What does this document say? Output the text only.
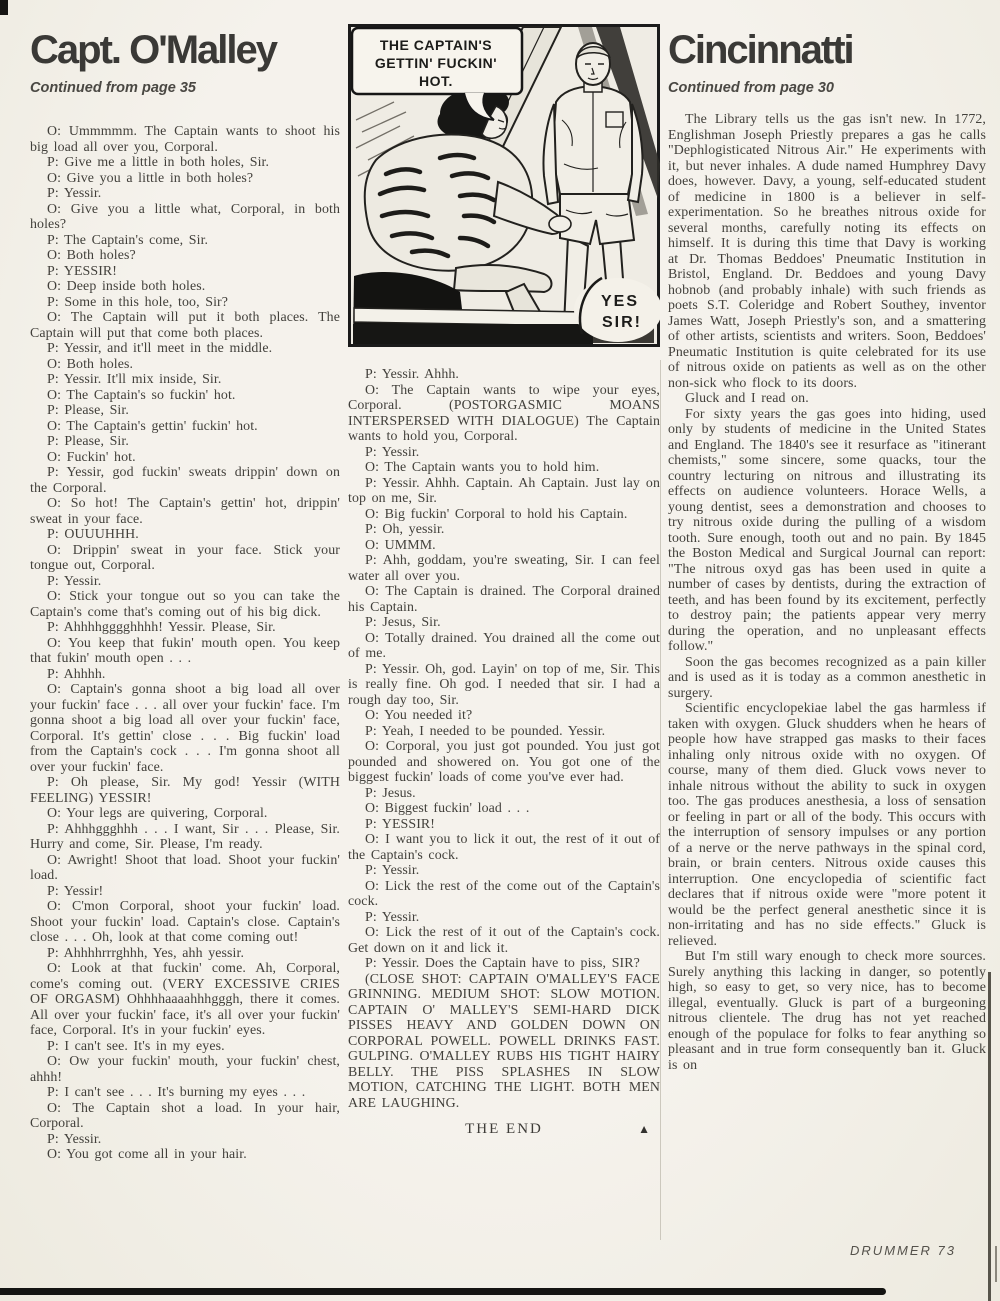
Capt. O'Malley
Continued from page 35

O: Ummmmm. The Captain wants to shoot his big load all over you, Corporal.

P: Give me a little in both holes, Sir.

O: Give you a little in both holes?

P: Yessir.

O: Give you a little what, Corporal, in both holes?

P: The Captain's come, Sir.

O: Both holes?

P: YESSIR!

O: Deep inside both holes.

P: Some in this hole, too, Sir?

O: The Captain will put it both places. The Captain will put that come both places.

P: Yessir, and it'll meet in the middle.

O: Both holes.

P: Yessir. It'll mix inside, Sir.

O: The Captain's so fuckin' hot.

P: Please, Sir.

O: The Captain's gettin' fuckin' hot.

P: Please, Sir.

O: Fuckin' hot.

P: Yessir, god fuckin' sweats drippin' down on the Corporal.

O: So hot! The Captain's gettin' hot, drippin' sweat in your face.

P: OUUUHHH.

O: Drippin' sweat in your face. Stick your tongue out, Corporal.

P: Yessir.

O: Stick your tongue out so you can take the Captain's come that's coming out of his big dick.

P: Ahhhhgggghhhh! Yessir. Please, Sir.

O: You keep that fukin' mouth open. You keep that fukin' mouth open . . .

P: Ahhhh.

O: Captain's gonna shoot a big load all over your fuckin' face . . . all over your fuckin' face. I'm gonna shoot a big load all over your fuckin' face, Corporal. It's gettin' close . . . Big fuckin' load from the Captain's cock . . . I'm gonna shoot all over your fuckin' face.

P: Oh please, Sir. My god! Yessir (WITH FEELING) YESSIR!

O: Your legs are quivering, Corporal.

P: Ahhhggghhh . . . I want, Sir . . . Please, Sir. Hurry and come, Sir. Please, I'm ready.

O: Awright! Shoot that load. Shoot your fuckin' load.

P: Yessir!

O: C'mon Corporal, shoot your fuckin' load. Shoot your fuckin' load. Captain's close. Captain's close . . . Oh, look at that come coming out!

P: Ahhhhrrrghhh, Yes, ahh yessir.

O: Look at that fuckin' come. Ah, Corporal, come's coming out. (VERY EXCESSIVE CRIES OF ORGASM) Ohhhhaaaahhhgggh, there it comes. All over your fuckin' face, it's all over your fuckin' face, Corporal. It's in your fuckin' eyes.

P: I can't see. It's in my eyes.

O: Ow your fuckin' mouth, your fuckin' chest, ahhh!

P: I can't see . . . It's burning my eyes . . .

O: The Captain shot a load. In your hair, Corporal.

P: Yessir.

O: You got come all in your hair.

YES
SIR!
THE CAPTAIN'S
GETTIN' FUCKIN'
HOT.

P: Yessir. Ahhh.

O: The Captain wants to wipe your eyes, Corporal. (POSTORGASMIC MOANS INTERSPERSED WITH DIALOGUE) The Captain wants to hold you, Corporal.

P: Yessir.

O: The Captain wants you to hold him.

P: Yessir. Ahhh. Captain. Ah Captain. Just lay on top on me, Sir.

O: Big fuckin' Corporal to hold his Captain.

P: Oh, yessir.

O: UMMM.

P: Ahh, goddam, you're sweating, Sir. I can feel water all over you.

O: The Captain is drained. The Corporal drained his Captain.

P: Jesus, Sir.

O: Totally drained. You drained all the come out of me.

P: Yessir. Oh, god. Layin' on top of me, Sir. This is really fine. Oh god. I needed that sir. I had a rough day too, Sir.

O: You needed it?

P: Yeah, I needed to be pounded. Yessir.

O: Corporal, you just got pounded. You just got pounded and showered on. You got one of the biggest fuckin' loads of come you've ever had.

P: Jesus.

O: Biggest fuckin' load . . .

P: YESSIR!

O: I want you to lick it out, the rest of it out of the Captain's cock.

P: Yessir.

O: Lick the rest of the come out of the Captain's cock.

P: Yessir.

O: Lick the rest of it out of the Captain's cock. Get down on it and lick it.

P: Yessir. Does the Captain have to piss, SIR?

(CLOSE SHOT: CAPTAIN O'MALLEY'S FACE GRINNING. MEDIUM SHOT: SLOW MOTION. CAPTAIN O' MALLEY'S SEMI-HARD DICK PISSES HEAVY AND GOLDEN DOWN ON CORPORAL POWELL. POWELL DRINKS FAST. GULPING. O'MALLEY RUBS HIS TIGHT HAIRY BELLY. THE PISS SPLASHES IN SLOW MOTION, CATCHING THE LIGHT. BOTH MEN ARE LAUGHING.

THE END	▲
Cincinnatti
Continued from page 30

The Library tells us the gas isn't new. In 1772, Englishman Joseph Priestly prepares a gas he calls "Dephlogisticated Nitrous Air." He experiments with it, but never inhales. A dude named Humphrey Davy does, however. Davy, a young, self-educated student of medicine in 1800 is a believer in self-experimentation. So he breathes nitrous oxide for several months, carefully noting its effects on himself. It is during this time that Davy is working at Dr. Thomas Beddoes' Pneumatic Institution in Bristol, England. Dr. Beddoes and young Davy hobnob (and probably inhale) with such friends as poets S.T. Coleridge and Robert Southey, inventor James Watt, Joseph Priestly's son, and a smattering of other artists, scientists and writers. Soon, Beddoes' Pneumatic Institution is quite celebrated for its use of nitrous oxide on patients as well as on the other non-sick who flock to its doors.

Gluck and I read on.

For sixty years the gas goes into hiding, used only by students of medicine in the United States and England. The 1840's see it resurface as "itinerant chemists," some sincere, some quacks, tour the country lecturing on nitrous and illustrating its effects on audience volunteers. Horace Wells, a young dentist, sees a demonstration and chooses to try nitrous oxide during the pulling of a wisdom tooth. Sure enough, tooth out and no pain. By 1845 the Boston Medical and Surgical Journal can report: "The nitrous oxyd gas has been used in quite a number of cases by dentists, during the extraction of teeth, and has been found by its excitement, perfectly to destroy pain; the patients appear very merry during the operation, and no unpleasant effects follow."

Soon the gas becomes recognized as a pain killer and is used as it is today as a common anesthetic in surgery.

Scientific encyclopekiae label the gas harmless if taken with oxygen. Gluck shudders when he hears of people how have strapped gas masks to their faces inhaling only nitrous oxide with no oxygen. Of course, many of them died. Gluck vows never to inhale nitrous without the ability to suck in oxygen too. The gas produces anesthesia, a loss of sensation or feeling in part or all of the body. This occurs with the interruption of sensory impulses or any portion of a nerve or the nerve pathways in the spinal cord, brain, or brain centers. Nitrous oxide causes this interruption. One encyclopedia of scientific fact declares that if nitrous oxide were "more potent it would be the perfect general anesthetic since it is non-irritating and has no side effects." Gluck is relieved.

But I'm still wary enough to check more sources. Surely anything this lacking in danger, so potently high, so easy to get, so very nice, has to become illegal, eventually. Gluck is part of a burgeoning nitrous clientele. The drug has not yet reached enough of the populace for folks to fear anything so pleasant and in true form consequently ban it. Gluck is on

DRUMMER 73
